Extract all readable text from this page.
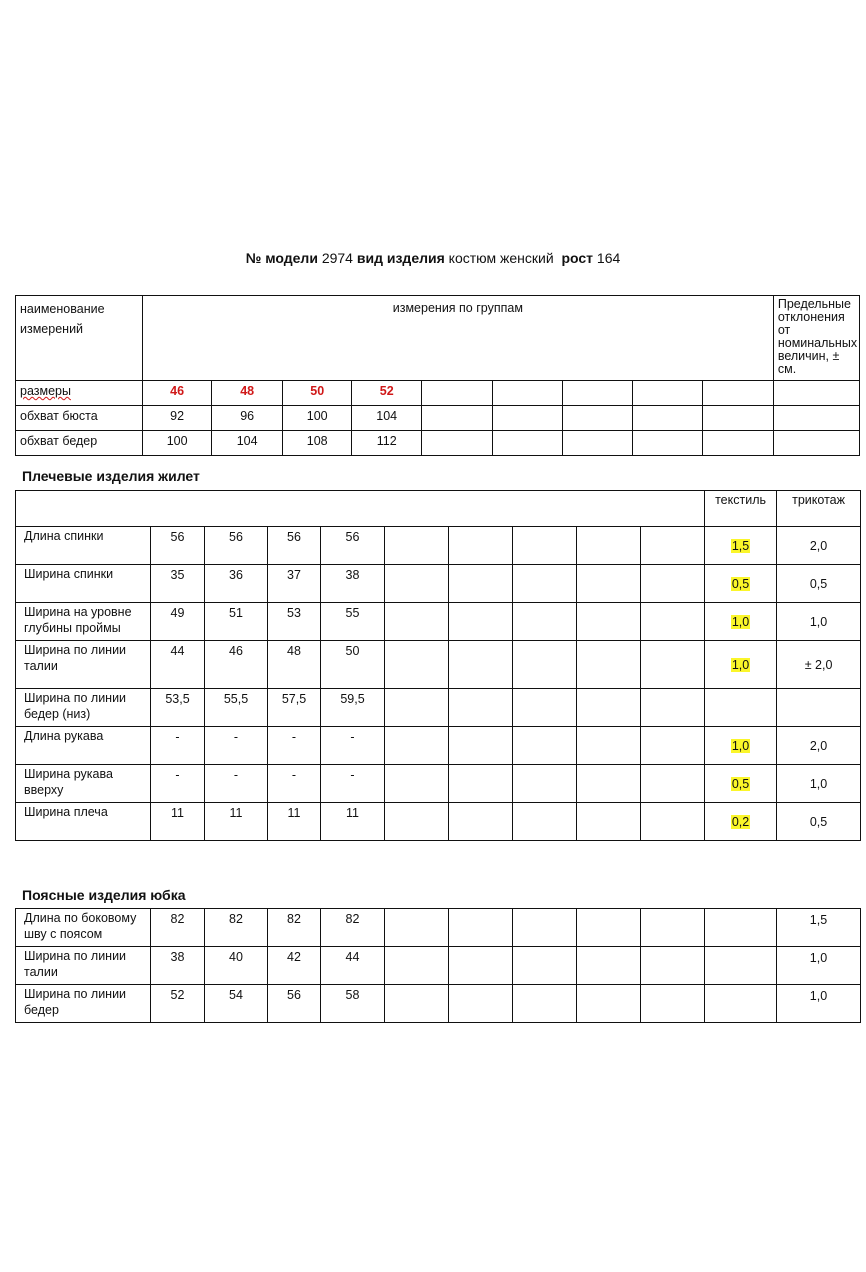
№ модели 2974 вид изделия костюм женский рост 164
наименование измерений	измерения по группам									Предельные отклонения от номинальных величин, ± см.
размеры	46	48	50	52						
обхват бюста	92	96	100	104						
обхват бедер	100	104	108	112						
Плечевые изделия жилет
										текстиль	трикотаж
Длина спинки	56	56	56	56						1,5	2,0
Ширина спинки	35	36	37	38						0,5	0,5
Ширина на уровне глубины проймы	49	51	53	55						1,0	1,0
Ширина по линии талии	44	46	48	50						1,0	± 2,0
Ширина по линии бедер (низ)	53,5	55,5	57,5	59,5							
Длина рукава	-	-	-	-						1,0	2,0
Ширина рукава вверху	-	-	-	-						0,5	1,0
Ширина плеча	11	11	11	11						0,2	0,5
Поясные изделия юбка
Длина по боковому шву с поясом	82	82	82	82							1,5
Ширина по линии талии	38	40	42	44							1,0
Ширина по линии бедер	52	54	56	58							1,0
